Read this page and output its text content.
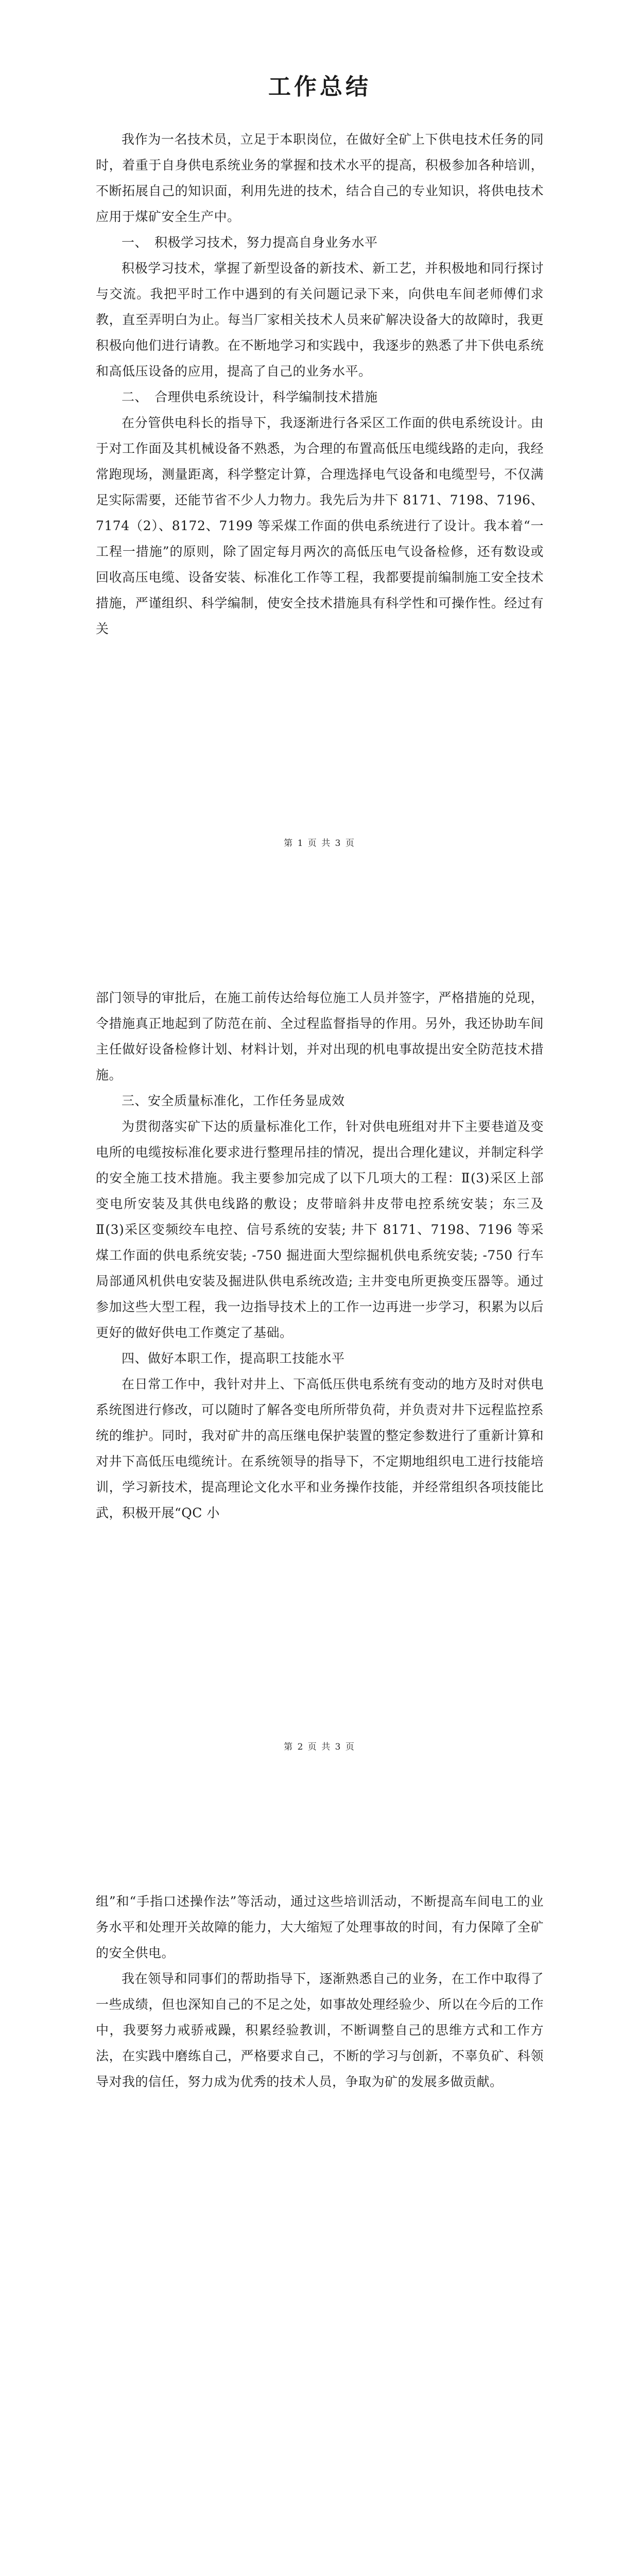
工作总结

我作为一名技术员，立足于本职岗位，在做好全矿上下供电技术任务的同时，着重于自身供电系统业务的掌握和技术水平的提高，积极参加各种培训，不断拓展自己的知识面，利用先进的技术，结合自己的专业知识，将供电技术应用于煤矿安全生产中。

一、　积极学习技术，努力提高自身业务水平

积极学习技术，掌握了新型设备的新技术、新工艺，并积极地和同行探讨与交流。我把平时工作中遇到的有关问题记录下来，向供电车间老师傅们求教，直至弄明白为止。每当厂家相关技术人员来矿解决设备大的故障时，我更积极向他们进行请教。在不断地学习和实践中，我逐步的熟悉了井下供电系统和高低压设备的应用，提高了自己的业务水平。

二、　合理供电系统设计，科学编制技术措施

在分管供电科长的指导下，我逐渐进行各采区工作面的供电系统设计。由于对工作面及其机械设备不熟悉，为合理的布置高低压电缆线路的走向，我经常跑现场，测量距离，科学整定计算，合理选择电气设备和电缆型号，不仅满足实际需要，还能节省不少人力物力。我先后为井下 8171、7198、7196、7174（2）、8172、7199 等采煤工作面的供电系统进行了设计。我本着“一工程一措施”的原则，除了固定每月两次的高低压电气设备检修，还有数设或回收高压电缆、设备安装、标准化工作等工程，我都要提前编制施工安全技术措施，严谨组织、科学编制，使安全技术措施具有科学性和可操作性。经过有关

第 1 页 共 3 页

部门领导的审批后，在施工前传达给每位施工人员并签字，严格措施的兑现，令措施真正地起到了防范在前、全过程监督指导的作用。另外，我还协助车间主任做好设备检修计划、材料计划，并对出现的机电事故提出安全防范技术措施。

三、安全质量标准化，工作任务显成效

为贯彻落实矿下达的质量标准化工作，针对供电班组对井下主要巷道及变电所的电缆按标准化要求进行整理吊挂的情况，提出合理化建议，并制定科学的安全施工技术措施。我主要参加完成了以下几项大的工程：Ⅱ(3)采区上部变电所安装及其供电线路的敷设；皮带暗斜井皮带电控系统安装；东三及Ⅱ(3)采区变频绞车电控、信号系统的安装; 井下 8171、7198、7196 等采煤工作面的供电系统安装; -750 掘进面大型综掘机供电系统安装; -750 行车局部通风机供电安装及掘进队供电系统改造; 主井变电所更换变压器等。通过参加这些大型工程，我一边指导技术上的工作一边再进一步学习，积累为以后更好的做好供电工作奠定了基础。

四、做好本职工作，提高职工技能水平

在日常工作中，我针对井上、下高低压供电系统有变动的地方及时对供电系统图进行修改，可以随时了解各变电所所带负荷，并负责对井下远程监控系统的维护。同时，我对矿井的高压继电保护装置的整定参数进行了重新计算和对井下高低压电缆统计。在系统领导的指导下，不定期地组织电工进行技能培训，学习新技术，提高理论文化水平和业务操作技能，并经常组织各项技能比武，积极开展“QC 小

第 2 页 共 3 页

组”和“手指口述操作法”等活动，通过这些培训活动，不断提高车间电工的业务水平和处理开关故障的能力，大大缩短了处理事故的时间，有力保障了全矿的安全供电。

我在领导和同事们的帮助指导下，逐渐熟悉自己的业务，在工作中取得了一些成绩，但也深知自己的不足之处，如事故处理经验少、所以在今后的工作中，我要努力戒骄戒躁，积累经验教训，不断调整自己的思维方式和工作方法，在实践中磨练自己，严格要求自己，不断的学习与创新，不辜负矿、科领导对我的信任，努力成为优秀的技术人员，争取为矿的发展多做贡献。
